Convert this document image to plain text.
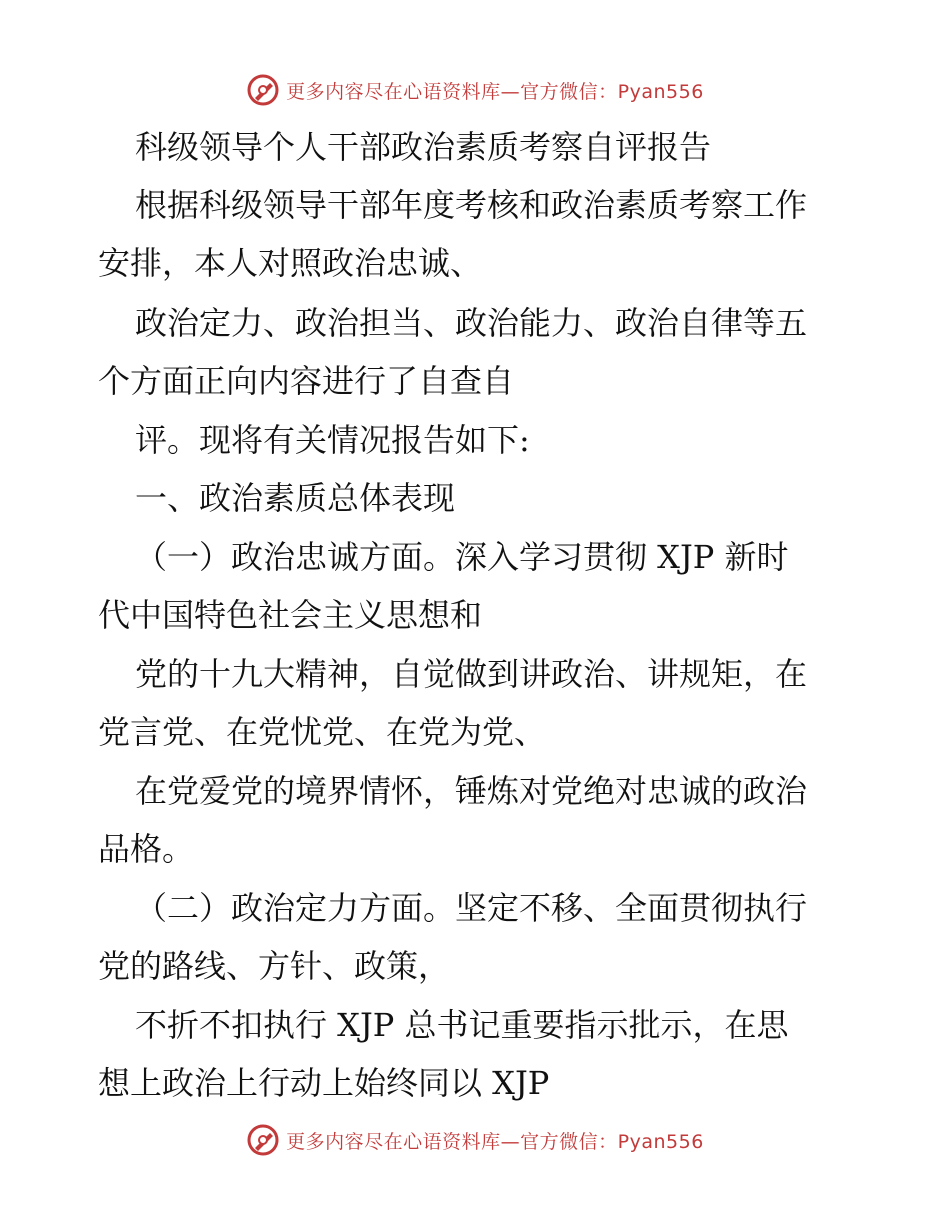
更多内容尽在心语资料库—官方微信：Pyan556
科级领导个人干部政治素质考察自评报告
根据科级领导干部年度考核和政治素质考察工作
安排，本人对照政治忠诚、
政治定力、政治担当、政治能力、政治自律等五
个方面正向内容进行了自查自
评。现将有关情况报告如下:
一、政治素质总体表现
（一）政治忠诚方面。深入学习贯彻 XJP 新时
代中国特色社会主义思想和
党的十九大精神，自觉做到讲政治、讲规矩，在
党言党、在党忧党、在党为党、
在党爱党的境界情怀，锤炼对党绝对忠诚的政治
品格。
（二）政治定力方面。坚定不移、全面贯彻执行
党的路线、方针、政策，
不折不扣执行 XJP 总书记重要指示批示，在思
想上政治上行动上始终同以 XJP
更多内容尽在心语资料库—官方微信：Pyan556
